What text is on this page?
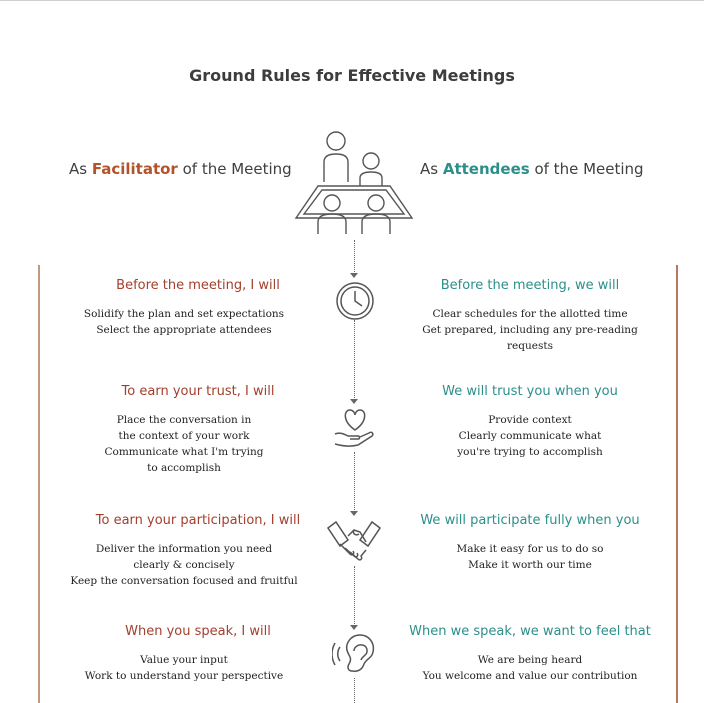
Ground Rules for Effective Meetings
As Facilitator of the Meeting	As Attendees of the Meeting
Before the meeting, I will
Solidify the plan and set expectations
Select the appropriate attendees
Before the meeting, we will
Clear schedules for the allotted time
Get prepared, including any pre-reading
requests
To earn your trust, I will
Place the conversation in
the context of your work
Communicate what I'm trying
to accomplish
We will trust you when you
Provide context
Clearly communicate what
you're trying to accomplish
To earn your participation, I will
Deliver the information you need
clearly & concisely
Keep the conversation focused and fruitful
We will participate fully when you
Make it easy for us to do so
Make it worth our time
When you speak, I will
Value your input
Work to understand your perspective
When we speak, we want to feel that
We are being heard
You welcome and value our contribution
